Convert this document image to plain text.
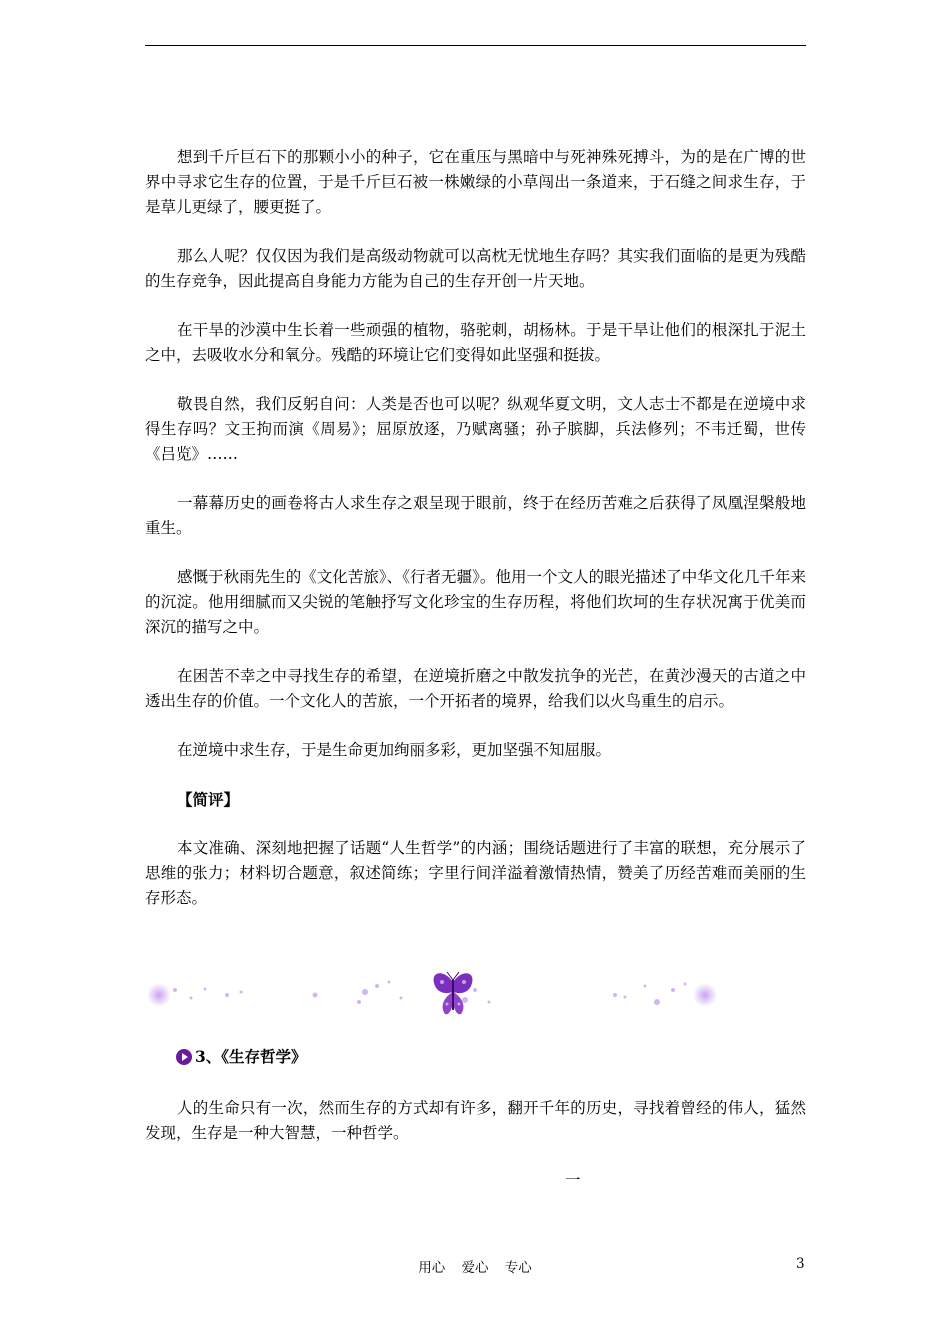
想到千斤巨石下的那颗小小的种子，它在重压与黑暗中与死神殊死搏斗，为的是在广博的世界中寻求它生存的位置，于是千斤巨石被一株嫩绿的小草闯出一条道来，于石缝之间求生存，于是草儿更绿了，腰更挺了。

那么人呢？仅仅因为我们是高级动物就可以高枕无忧地生存吗？其实我们面临的是更为残酷的生存竞争，因此提高自身能力方能为自己的生存开创一片天地。

在干旱的沙漠中生长着一些顽强的植物，骆驼刺，胡杨林。于是干旱让他们的根深扎于泥土之中，去吸收水分和氧分。残酷的环境让它们变得如此坚强和挺拔。

敬畏自然，我们反躬自问：人类是否也可以呢？纵观华夏文明，文人志士不都是在逆境中求得生存吗？文王拘而演《周易》；屈原放逐，乃赋离骚；孙子膑脚，兵法修列；不韦迁蜀，世传《吕览》……

一幕幕历史的画卷将古人求生存之艰呈现于眼前，终于在经历苦难之后获得了凤凰涅槃般地重生。

感慨于秋雨先生的《文化苦旅》、《行者无疆》。他用一个文人的眼光描述了中华文化几千年来的沉淀。他用细腻而又尖锐的笔触抒写文化珍宝的生存历程，将他们坎坷的生存状况寓于优美而深沉的描写之中。

在困苦不幸之中寻找生存的希望，在逆境折磨之中散发抗争的光芒，在黄沙漫天的古道之中透出生存的价值。一个文化人的苦旅，一个开拓者的境界，给我们以火鸟重生的启示。

在逆境中求生存，于是生命更加绚丽多彩，更加坚强不知屈服。

【简评】

本文准确、深刻地把握了话题“人生哲学”的内涵；围绕话题进行了丰富的联想，充分展示了思维的张力；材料切合题意，叙述简练；字里行间洋溢着激情热情，赞美了历经苦难而美丽的生存形态。

3、《生存哲学》

人的生命只有一次，然而生存的方式却有许多，翻开千年的历史，寻找着曾经的伟人，猛然发现，生存是一种大智慧，一种哲学。

一
用心 爱心 专心	3
